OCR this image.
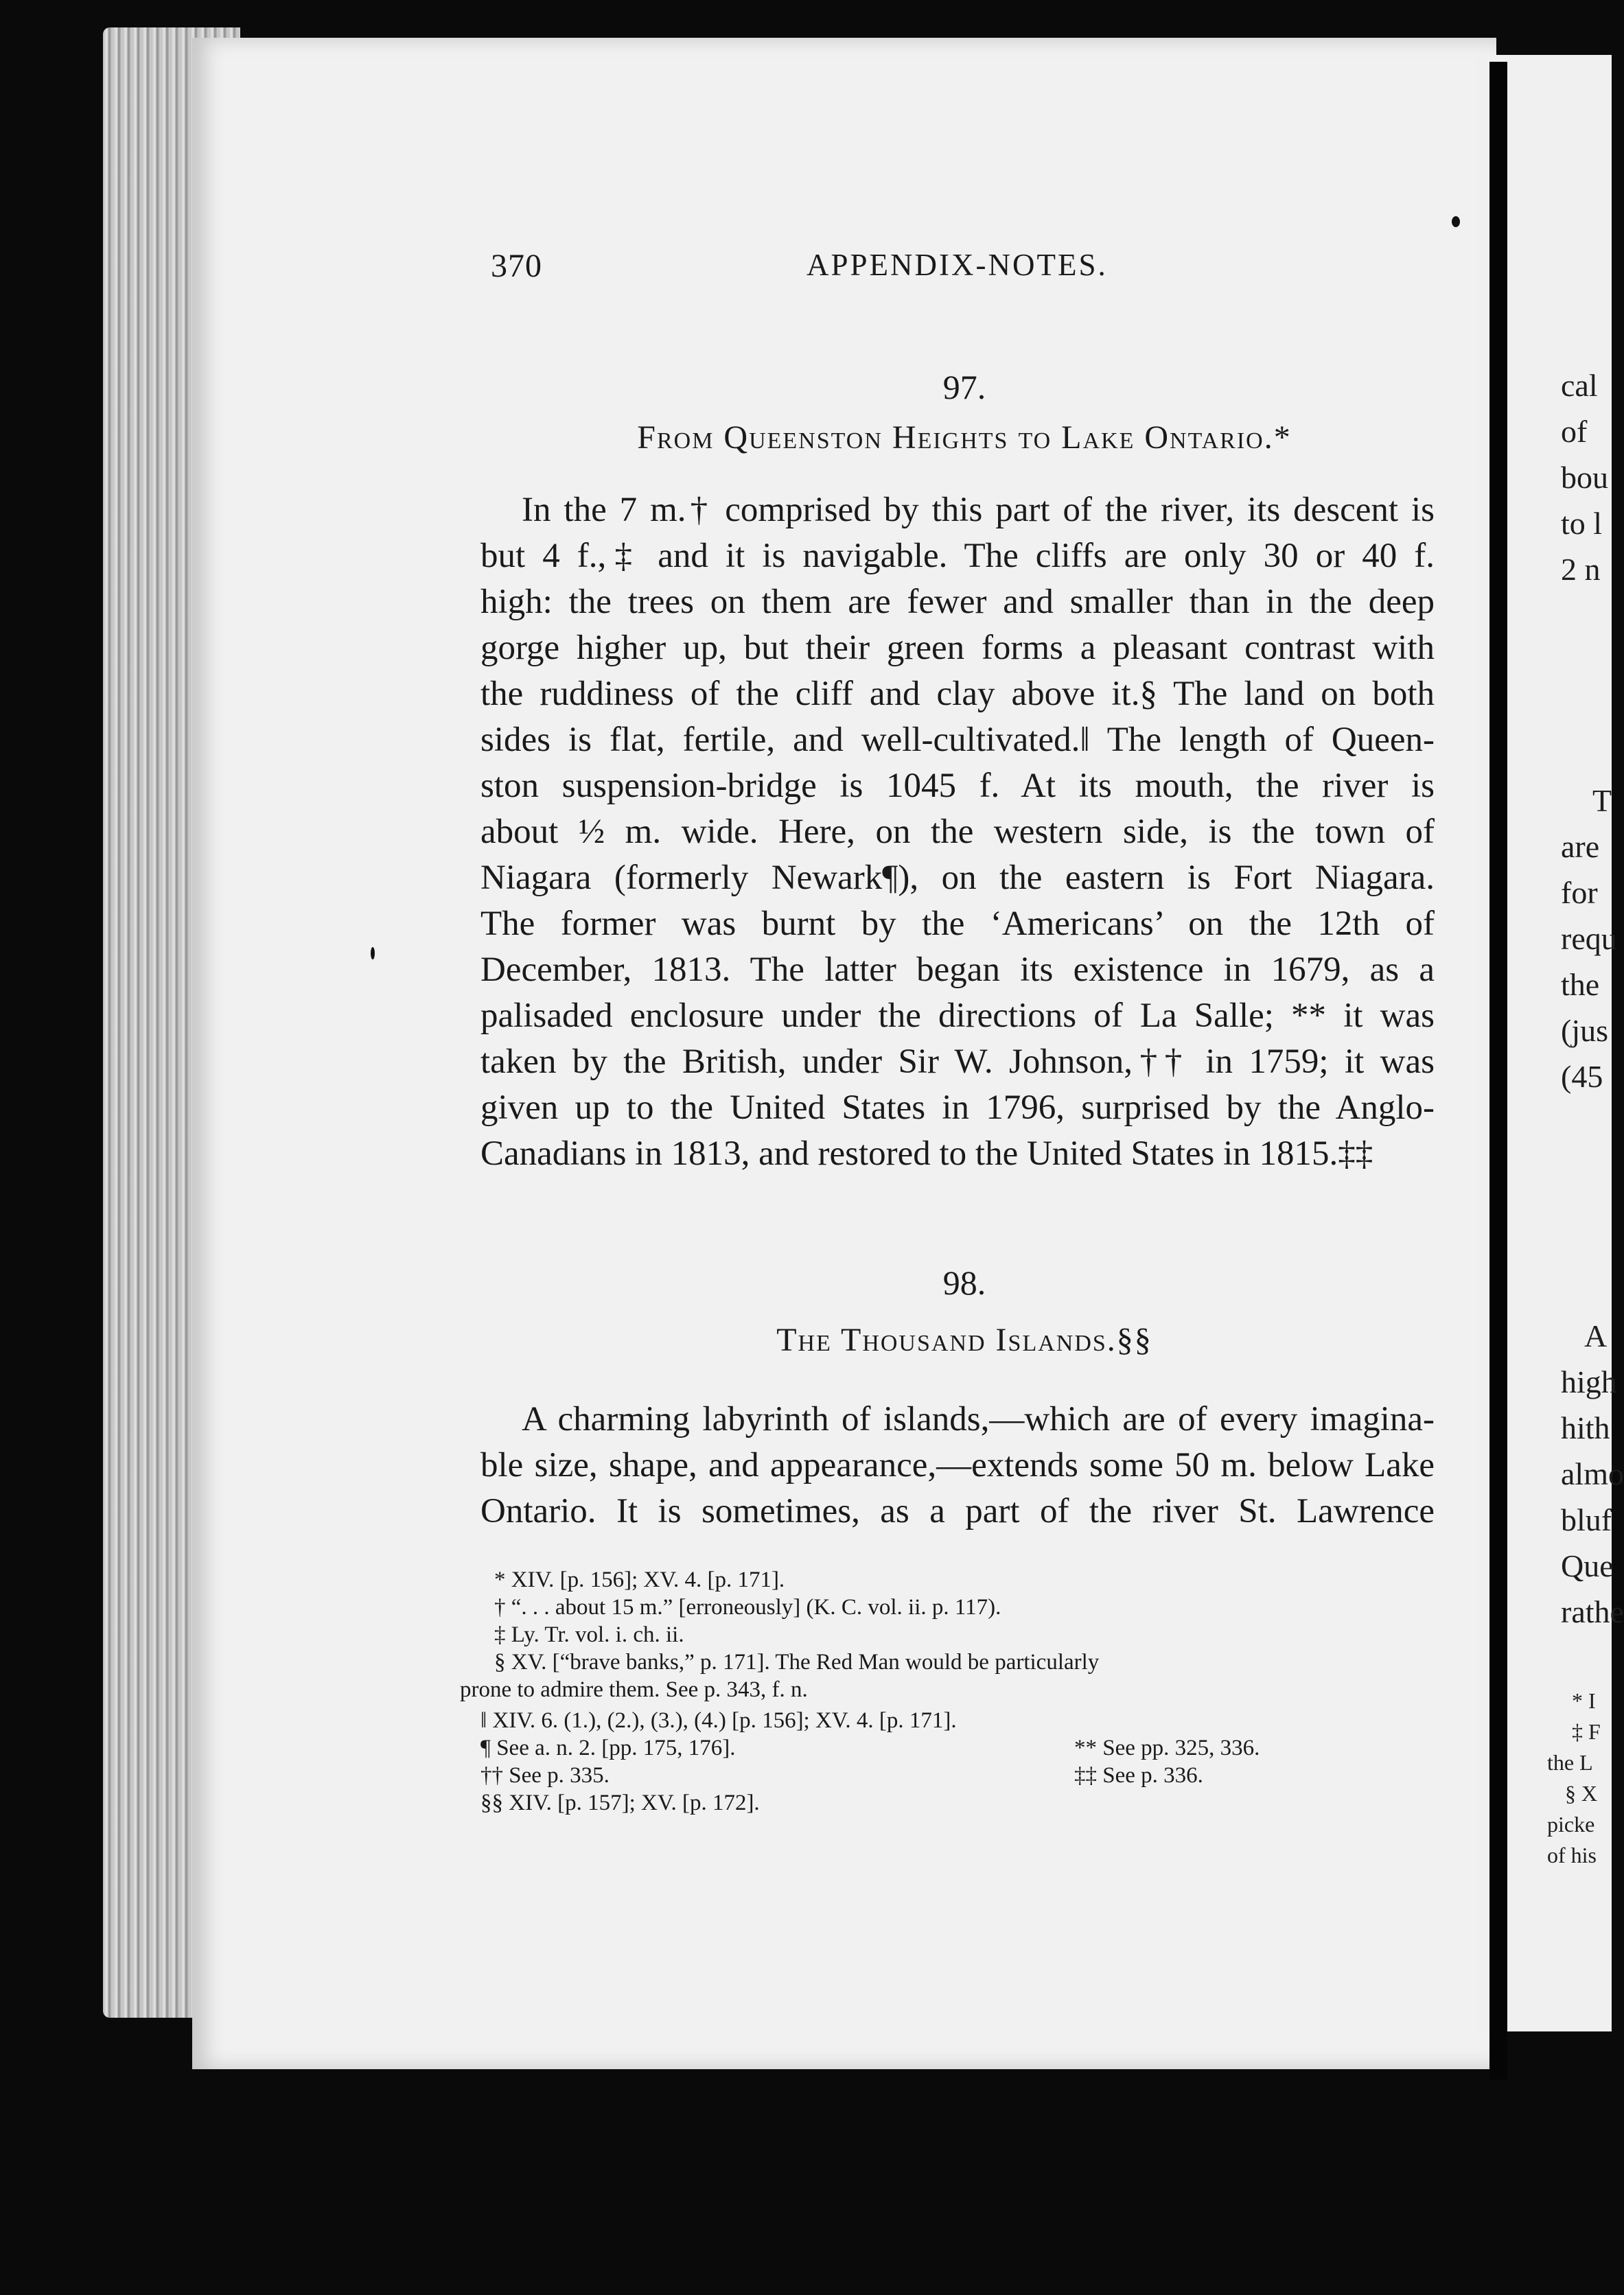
cal
of
bou
to l
2 n
T
are
for
requ
the
(jus
(45
A
high
hith
almo
bluf
Que
rathe
* I
‡ F
the L
§ X
picke
of his
370	APPENDIX-NOTES.
97.
From Queenston Heights to Lake Ontario.*
In the 7 m.† comprised by this part of the river, its descent is
but 4 f.,‡ and it is navigable. The cliffs are only 30 or 40 f.
high: the trees on them are fewer and smaller than in the deep
gorge higher up, but their green forms a pleasant contrast with
the ruddiness of the cliff and clay above it.§ The land on both
sides is flat, fertile, and well-cultivated.‖ The length of Queen-
ston suspension-bridge is 1045 f. At its mouth, the river is
about ½ m. wide. Here, on the western side, is the town of
Niagara (formerly Newark¶), on the eastern is Fort Niagara.
The former was burnt by the ‘Americans’ on the 12th of
December, 1813. The latter began its existence in 1679, as a
palisaded enclosure under the directions of La Salle; ** it was
taken by the British, under Sir W. Johnson,†† in 1759; it was
given up to the United States in 1796, surprised by the Anglo-
Canadians in 1813, and restored to the United States in 1815.‡‡
98.
The Thousand Islands.§§
A charming labyrinth of islands,—which are of every imagina-
ble size, shape, and appearance,—extends some 50 m. below Lake
Ontario. It is sometimes, as a part of the river St. Lawrence
* XIV. [p. 156]; XV. 4. [p. 171].
† “. . . about 15 m.” [erroneously] (K. C. vol. ii. p. 117).
‡ Ly. Tr. vol. i. ch. ii.
§ XV. [“brave banks,” p. 171]. The Red Man would be particularly
prone to admire them. See p. 343, f. n.
‖ XIV. 6. (1.), (2.), (3.), (4.) [p. 156]; XV. 4. [p. 171].
¶ See a. n. 2. [pp. 175, 176].	** See pp. 325, 336.
†† See p. 335.	‡‡ See p. 336.
§§ XIV. [p. 157]; XV. [p. 172].
